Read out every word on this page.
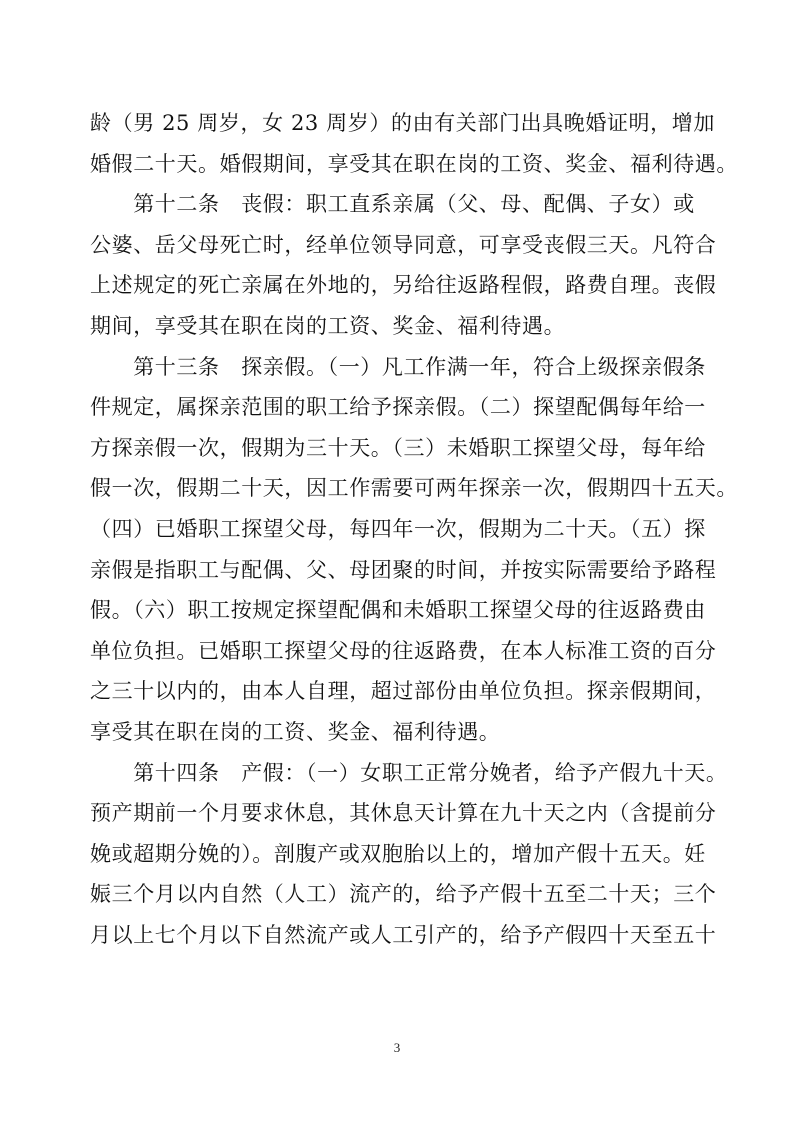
龄（男 25 周岁，女 23 周岁）的由有关部门出具晚婚证明，增加
婚假二十天。婚假期间，享受其在职在岗的工资、奖金、福利待遇。
　　第十二条　丧假：职工直系亲属（父、母、配偶、子女）或
公婆、岳父母死亡时，经单位领导同意，可享受丧假三天。凡符合
上述规定的死亡亲属在外地的，另给往返路程假，路费自理。丧假
期间，享受其在职在岗的工资、奖金、福利待遇。
　　第十三条　探亲假。（一）凡工作满一年，符合上级探亲假条
件规定，属探亲范围的职工给予探亲假。（二）探望配偶每年给一
方探亲假一次，假期为三十天。（三）未婚职工探望父母，每年给
假一次，假期二十天，因工作需要可两年探亲一次，假期四十五天。
（四）已婚职工探望父母，每四年一次，假期为二十天。（五）探
亲假是指职工与配偶、父、母团聚的时间，并按实际需要给予路程
假。（六）职工按规定探望配偶和未婚职工探望父母的往返路费由
单位负担。已婚职工探望父母的往返路费，在本人标准工资的百分
之三十以内的，由本人自理，超过部份由单位负担。探亲假期间，
享受其在职在岗的工资、奖金、福利待遇。
　　第十四条　产假：（一）女职工正常分娩者，给予产假九十天。
预产期前一个月要求休息，其休息天计算在九十天之内（含提前分
娩或超期分娩的）。剖腹产或双胞胎以上的，增加产假十五天。妊
娠三个月以内自然（人工）流产的，给予产假十五至二十天；三个
月以上七个月以下自然流产或人工引产的，给予产假四十天至五十
3
